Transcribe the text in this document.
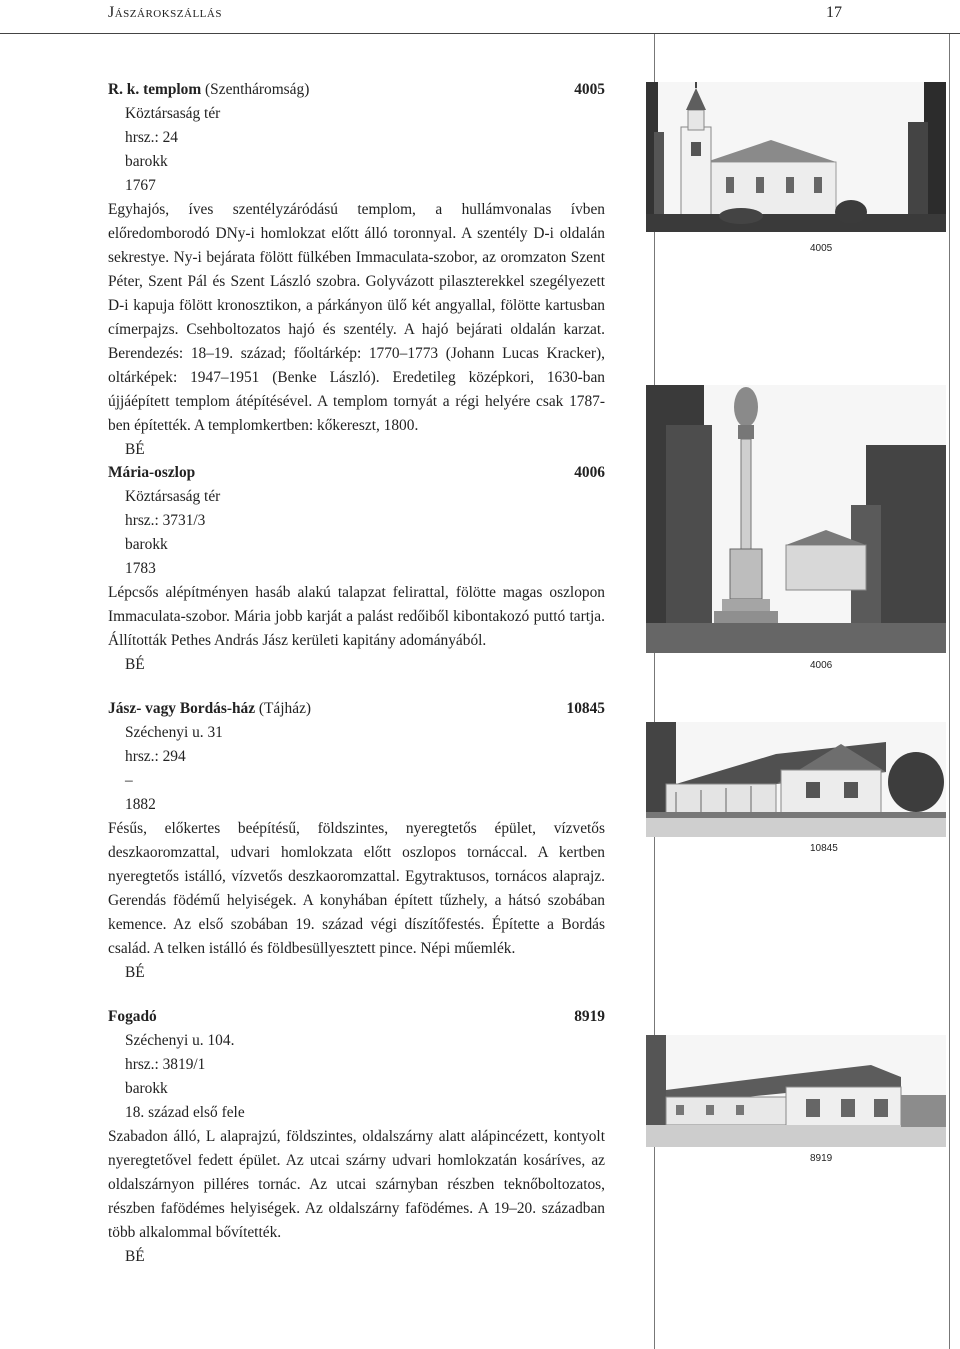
Jászárokszállás	17
R. k. templom (Szentháromság)	4005
Köztársaság tér
hrsz.: 24
barokk
1767
Egyhajós, íves szentélyzáródású templom, a hullámvonalas ívben előredomborodó DNy-i homlokzat előtt álló toronnyal. A szentély D-i oldalán sekrestye. Ny-i bejárata fölött fülkében Immaculata-szobor, az oromzaton Szent Péter, Szent Pál és Szent László szobra. Golyvázott pilaszterekkel szegélyezett D-i kapuja fölött kronosztikon, a párkányon ülő két angyallal, fölötte kartusban címerpajzs. Csehboltozatos hajó és szentély. A hajó bejárati oldalán karzat. Berendezés: 18–19. század; főoltárkép: 1770–1773 (Johann Lucas Kracker), oltárképek: 1947–1951 (Benke László). Eredetileg középkori, 1630-ban újjáépített templom átépítésével. A templom tornyát a régi helyére csak 1787-ben építették. A templomkertben: kőkereszt, 1800.
BÉ
Mária-oszlop	4006
Köztársaság tér
hrsz.: 3731/3
barokk
1783
Lépcsős alépítményen hasáb alakú talapzat felirattal, fölötte magas oszlopon Immaculata-szobor. Mária jobb karját a palást redőiből kibontakozó puttó tartja. Állították Pethes András Jász kerületi kapitány adományából.
BÉ
Jász- vagy Bordás-ház (Tájház)	10845
Széchenyi u. 31
hrsz.: 294
–
1882
Fésűs, előkertes beépítésű, földszintes, nyeregtetős épület, vízvetős deszkaoromzattal, udvari homlokzata előtt oszlopos tornáccal. A kertben nyeregtetős istálló, vízvetős deszkaoromzattal. Egytraktusos, tornácos alaprajz. Gerendás födémű helyiségek. A konyhában épített tűzhely, a hátsó szobában kemence. Az első szobában 19. század végi díszítőfestés. Építette a Bordás család. A telken istálló és földbesüllyesztett pince. Népi műemlék.
BÉ
Fogadó	8919
Széchenyi u. 104.
hrsz.: 3819/1
barokk
18. század első fele
Szabadon álló, L alaprajzú, földszintes, oldalszárny alatt alápincézett, kontyolt nyeregtetővel fedett épület. Az utcai szárny udvari homlokzatán kosáríves, az oldalszárnyon pilléres tornác. Az utcai szárnyban részben teknőboltozatos, részben fafödémes helyiségek. Az oldalszárny fafödémes. A 19–20. században több alkalommal bővítették.
BÉ
4005
4006
10845
8919
